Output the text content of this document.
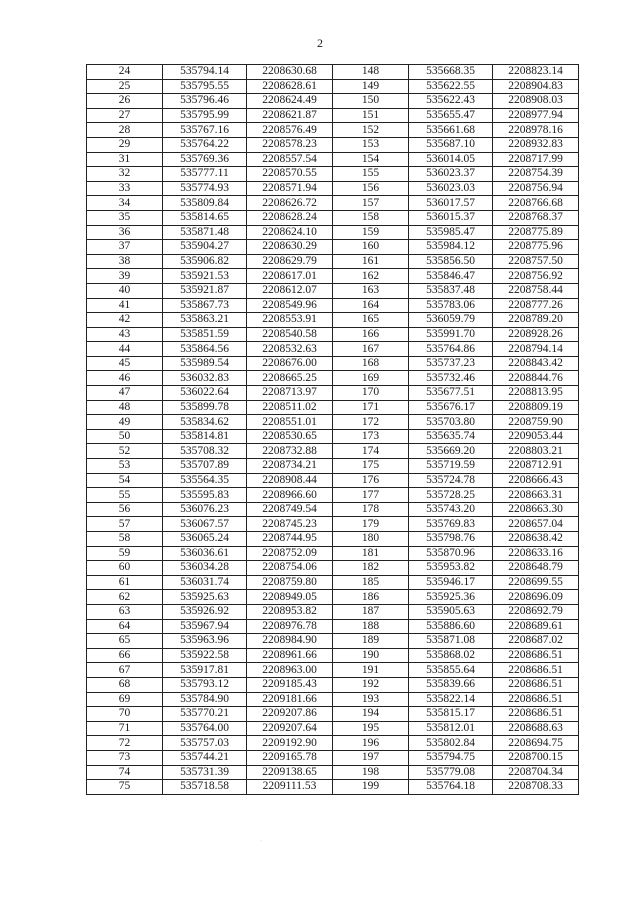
2
24	535794.14	2208630.68	148	535668.35	2208823.14
25	535795.55	2208628.61	149	535622.55	2208904.83
26	535796.46	2208624.49	150	535622.43	2208908.03
27	535795.99	2208621.87	151	535655.47	2208977.94
28	535767.16	2208576.49	152	535661.68	2208978.16
29	535764.22	2208578.23	153	535687.10	2208932.83
31	535769.36	2208557.54	154	536014.05	2208717.99
32	535777.11	2208570.55	155	536023.37	2208754.39
33	535774.93	2208571.94	156	536023.03	2208756.94
34	535809.84	2208626.72	157	536017.57	2208766.68
35	535814.65	2208628.24	158	536015.37	2208768.37
36	535871.48	2208624.10	159	535985.47	2208775.89
37	535904.27	2208630.29	160	535984.12	2208775.96
38	535906.82	2208629.79	161	535856.50	2208757.50
39	535921.53	2208617.01	162	535846.47	2208756.92
40	535921.87	2208612.07	163	535837.48	2208758.44
41	535867.73	2208549.96	164	535783.06	2208777.26
42	535863.21	2208553.91	165	536059.79	2208789.20
43	535851.59	2208540.58	166	535991.70	2208928.26
44	535864.56	2208532.63	167	535764.86	2208794.14
45	535989.54	2208676.00	168	535737.23	2208843.42
46	536032.83	2208665.25	169	535732.46	2208844.76
47	536022.64	2208713.97	170	535677.51	2208813.95
48	535899.78	2208511.02	171	535676.17	2208809.19
49	535834.62	2208551.01	172	535703.80	2208759.90
50	535814.81	2208530.65	173	535635.74	2209053.44
52	535708.32	2208732.88	174	535669.20	2208803.21
53	535707.89	2208734.21	175	535719.59	2208712.91
54	535564.35	2208908.44	176	535724.78	2208666.43
55	535595.83	2208966.60	177	535728.25	2208663.31
56	536076.23	2208749.54	178	535743.20	2208663.30
57	536067.57	2208745.23	179	535769.83	2208657.04
58	536065.24	2208744.95	180	535798.76	2208638.42
59	536036.61	2208752.09	181	535870.96	2208633.16
60	536034.28	2208754.06	182	535953.82	2208648.79
61	536031.74	2208759.80	185	535946.17	2208699.55
62	535925.63	2208949.05	186	535925.36	2208696.09
63	535926.92	2208953.82	187	535905.63	2208692.79
64	535967.94	2208976.78	188	535886.60	2208689.61
65	535963.96	2208984.90	189	535871.08	2208687.02
66	535922.58	2208961.66	190	535868.02	2208686.51
67	535917.81	2208963.00	191	535855.64	2208686.51
68	535793.12	2209185.43	192	535839.66	2208686.51
69	535784.90	2209181.66	193	535822.14	2208686.51
70	535770.21	2209207.86	194	535815.17	2208686.51
71	535764.00	2209207.64	195	535812.01	2208688.63
72	535757.03	2209192.90	196	535802.84	2208694.75
73	535744.21	2209165.78	197	535794.75	2208700.15
74	535731.39	2209138.65	198	535779.08	2208704.34
75	535718.58	2209111.53	199	535764.18	2208708.33
·
